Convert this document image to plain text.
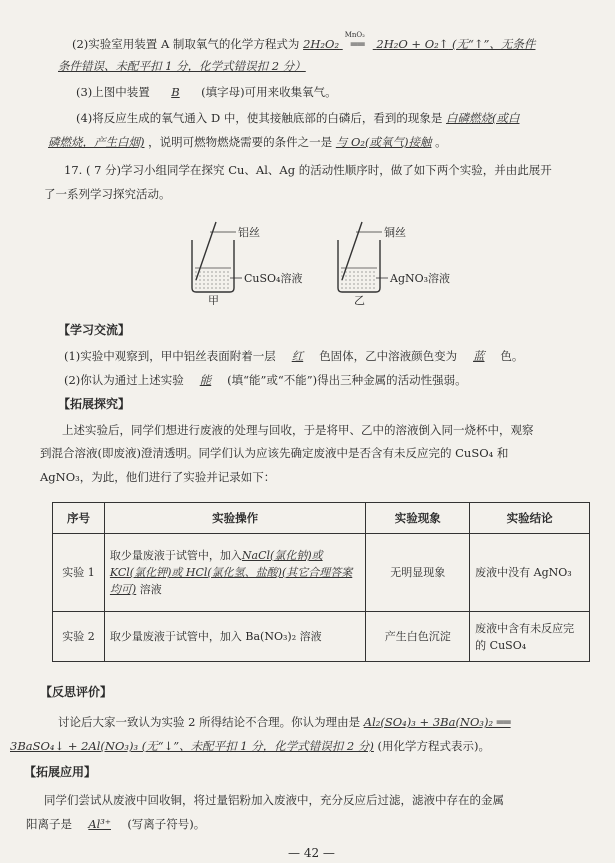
(2)实验室用装置 A 制取氧气的化学方程式为 2H₂O₂
MnO₂
══ 2H₂O + O₂↑ (无“↑”、无条件
条件错误、未配平扣 1 分，化学式错误扣 2 分）
(3)上图中装置 B (填字母)可用来收集氧气。
(4)将反应生成的氧气通入 D 中，使其接触底部的白磷后，看到的现象是 白磷燃烧(或白
磷燃烧，产生白烟) ，说明可燃物燃烧需要的条件之一是 与 O₂(或氧气)接触 。
17. ( 7 分)学习小组同学在探究 Cu、Al、Ag 的活动性顺序时，做了如下两个实验，并由此展开
了一系列学习探究活动。
铝丝
CuSO₄溶液
甲
铜丝
AgNO₃溶液
乙
【学习交流】
(1)实验中观察到，甲中铝丝表面附着一层 红 色固体，乙中溶液颜色变为 蓝 色。
(2)你认为通过上述实验 能 (填“能”或“不能”)得出三种金属的活动性强弱。
【拓展探究】
上述实验后，同学们想进行废液的处理与回收，于是将甲、乙中的溶液倒入同一烧杯中，观察
到混合溶液(即废液)澄清透明。同学们认为应该先确定废液中是否含有未反应完的 CuSO₄ 和
AgNO₃，为此，他们进行了实验并记录如下：
序号	实验操作	实验现象	实验结论
实验 1	取少量废液于试管中，加入NaCl(氯化钠)或 KCl(氯化钾)或 HCl(氯化氢、盐酸)(其它合理答案均可) 溶液	无明显现象	废液中没有 AgNO₃
实验 2	取少量废液于试管中，加入 Ba(NO₃)₂ 溶液	产生白色沉淀	废液中含有未反应完的 CuSO₄
【反思评价】
讨论后大家一致认为实验 2 所得结论不合理。你认为理由是 Al₂(SO₄)₃ + 3Ba(NO₃)₂ ══
3BaSO₄↓ + 2Al(NO₃)₃ (无“↓”、未配平扣 1 分，化学式错误扣 2 分) (用化学方程式表示)。
【拓展应用】
同学们尝试从废液中回收铜，将过量铝粉加入废液中，充分反应后过滤，滤液中存在的金属
阳离子是 Al³⁺ (写离子符号)。
— 42 —
